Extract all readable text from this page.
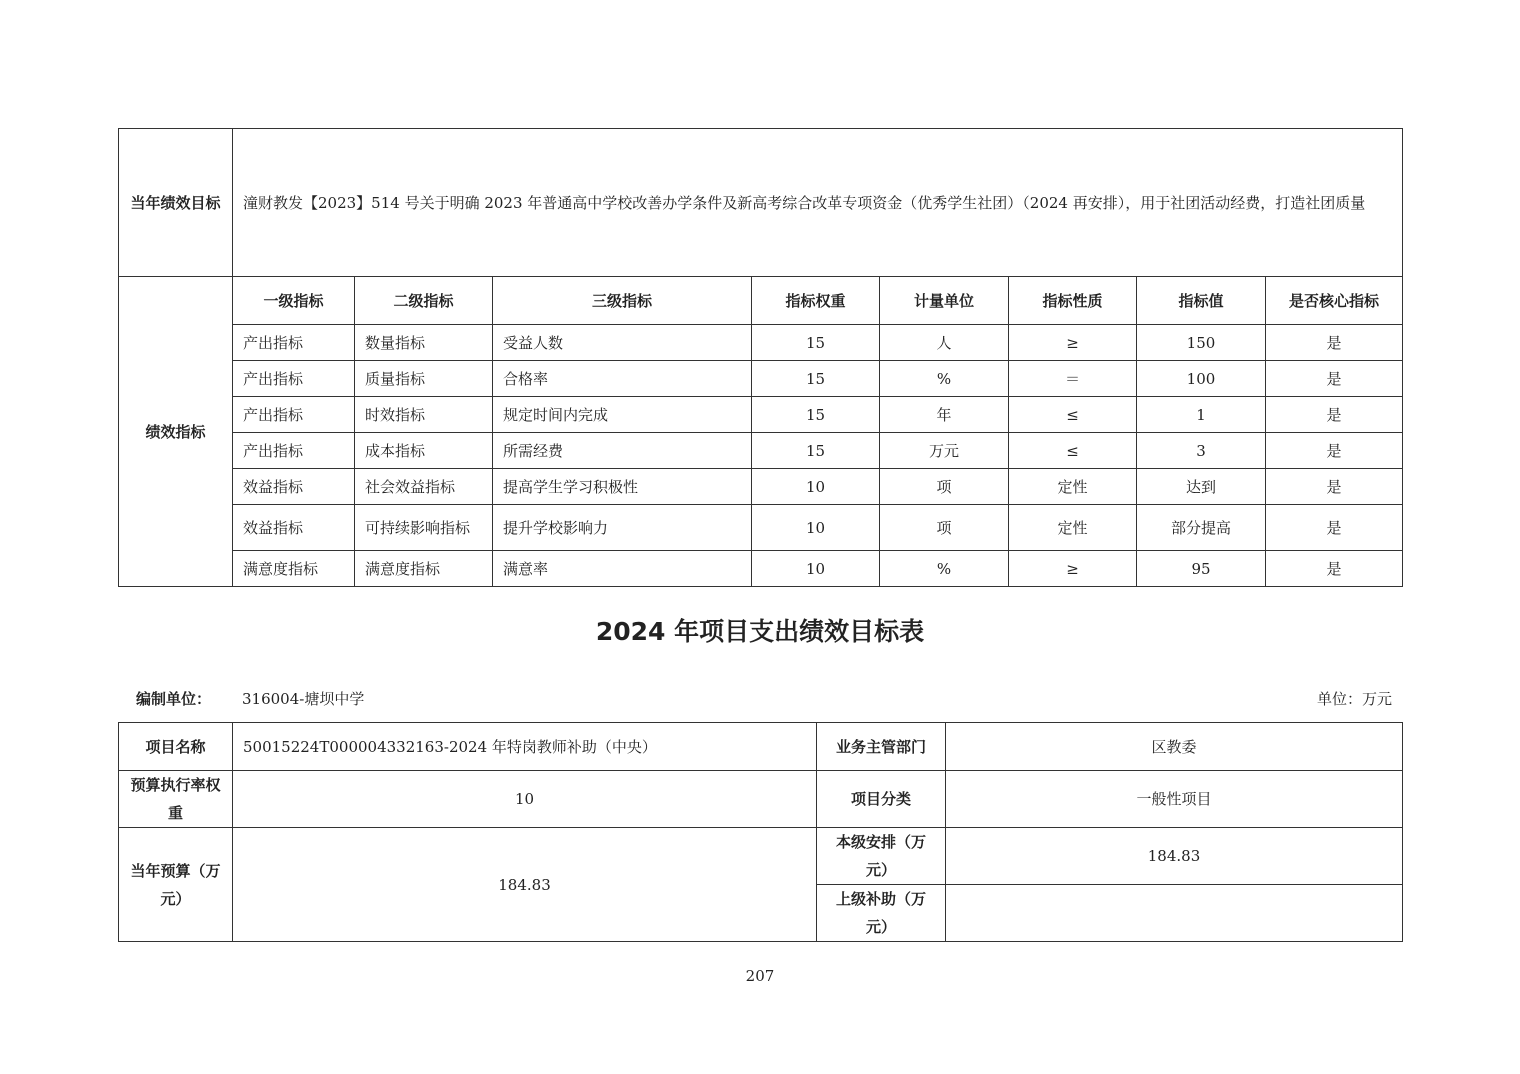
当年绩效目标	潼财教发【2023】514 号关于明确 2023 年普通高中学校改善办学条件及新高考综合改革专项资金（优秀学生社团）（2024 再安排），用于社团活动经费，打造社团质量							
绩效指标	一级指标	二级指标	三级指标	指标权重	计量单位	指标性质	指标值	是否核心指标
	产出指标	数量指标	受益人数	15	人	≥	150	是
	产出指标	质量指标	合格率	15	%	＝	100	是
	产出指标	时效指标	规定时间内完成	15	年	≤	1	是
	产出指标	成本指标	所需经费	15	万元	≤	3	是
	效益指标	社会效益指标	提高学生学习积极性	10	项	定性	达到	是
	效益指标	可持续影响指标	提升学校影响力	10	项	定性	部分提高	是
	满意度指标	满意度指标	满意率	10	%	≥	95	是
2024 年项目支出绩效目标表
编制单位： 316004-塘坝中学	单位：万元
项目名称	50015224T000004332163-2024 年特岗教师补助（中央）	业务主管部门	区教委
预算执行率权重	10	项目分类	一般性项目
当年预算（万元）	184.83	本级安排（万元）	184.83
		上级补助（万元）	
207
